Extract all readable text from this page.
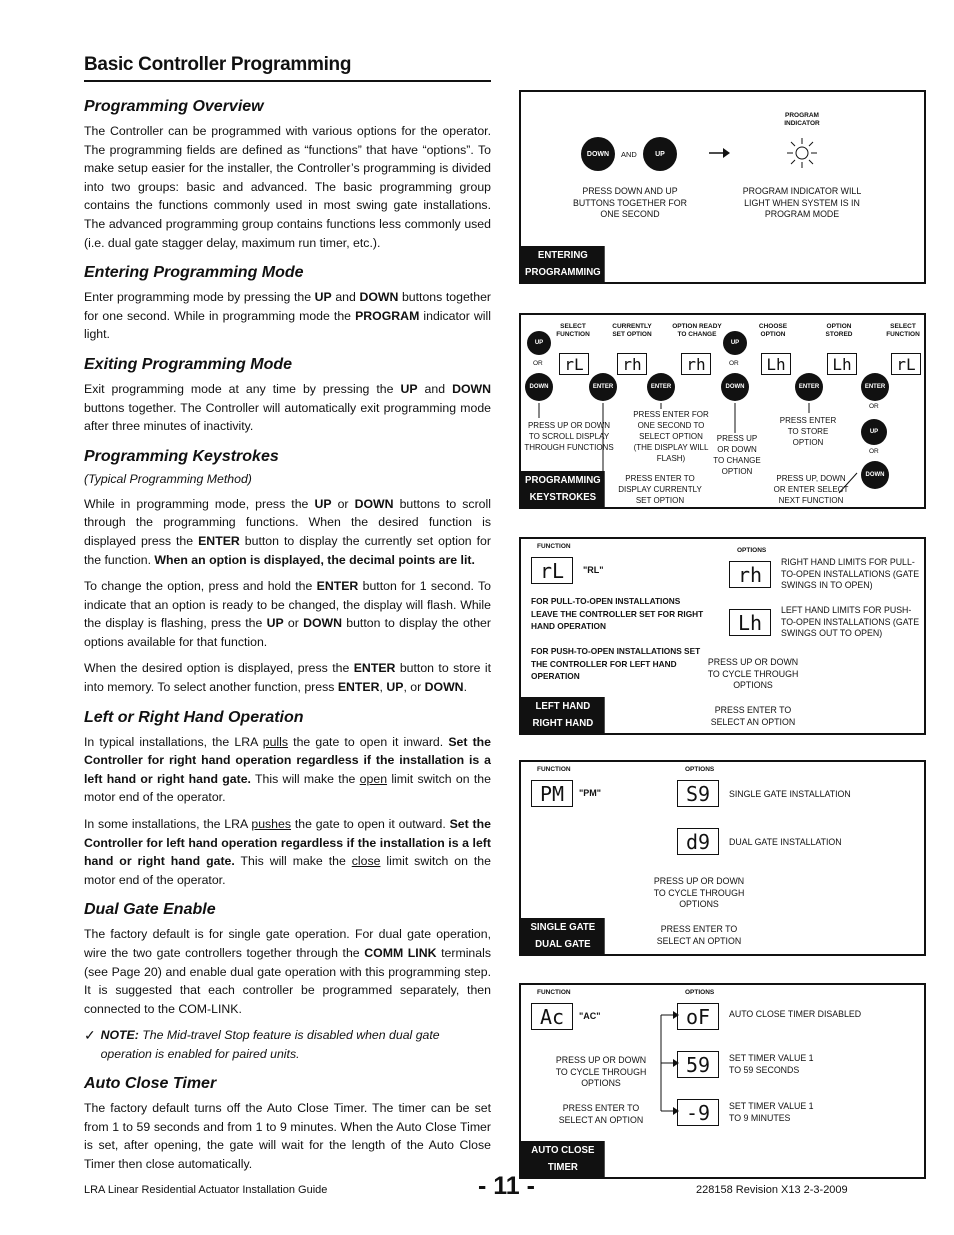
Basic Controller Programming
Programming Overview
The Controller can be programmed with various options for the operator. The programming fields are defined as “functions” that have “options”. To make setup easier for the installer, the Controller’s programming is divided into two groups: basic and advanced. The basic programming group contains the functions commonly used in most swing gate installations. The advanced programming group contains functions less commonly used (i.e. dual gate stagger delay, maximum run timer, etc.).
Entering Programming Mode
Enter programming mode by pressing the UP and DOWN buttons together for one second. While in programming mode the PROGRAM indicator will light.
Exiting Programming Mode
Exit programming mode at any time by pressing the UP and DOWN buttons together. The Controller will automatically exit programming mode after three minutes of inactivity.
Programming Keystrokes
(Typical Programming Method)
While in programming mode, press the UP or DOWN buttons to scroll through the programming functions. When the desired function is displayed press the ENTER button to display the currently set option for the function. When an option is displayed, the decimal points are lit.
To change the option, press and hold the ENTER button for 1 second. To indicate that an option is ready to be changed, the display will flash. While the display is flashing, press the UP or DOWN button to display the other options available for that function.
When the desired option is displayed, press the ENTER button to store it into memory. To select another function, press ENTER, UP, or DOWN.
Left or Right Hand Operation
In typical installations, the LRA pulls the gate to open it inward. Set the Controller for right hand operation regardless if the installation is a left hand or right hand gate. This will make the open limit switch on the motor end of the operator.
In some installations, the LRA pushes the gate to open it outward. Set the Controller for left hand operation regardless if the installation is a left hand or right hand gate. This will make the close limit switch on the motor end of the operator.
Dual Gate Enable
The factory default is for single gate operation. For dual gate operation, wire the two gate controllers together through the COMM LINK terminals (see Page 20) and enable dual gate operation with this programming step. It is suggested that each controller be programmed separately, then connected to the COM-LINK.
✓ NOTE: The Mid-travel Stop feature is disabled when dual gate operation is enabled for paired units.
Auto Close Timer
The factory default turns off the Auto Close Timer. The timer can be set from 1 to 59 seconds and from 1 to 9 minutes. When the Auto Close Timer is set, after opening, the gate will wait for the length of the Auto Close Timer then close automatically.
PROGRAM INDICATOR
DOWN	AND	UP
PRESS DOWN AND UP BUTTONS TOGETHER FOR ONE SECOND
PROGRAM INDICATOR WILL LIGHT WHEN SYSTEM IS IN PROGRAM MODE
ENTERING PROGRAMMING
SELECT FUNCTION
CURRENTLY SET OPTION
OPTION READY TO CHANGE
CHOOSE OPTION
OPTION STORED
SELECT FUNCTION
UP
OR
DOWN
rL
ENTER
rh
ENTER
rh
UP
OR
DOWN
Lh
ENTER
Lh
ENTER
rL
OR
UP
OR
DOWN
PRESS UP OR DOWN TO SCROLL DISPLAY THROUGH FUNCTIONS
PRESS ENTER TO DISPLAY CURRENTLY SET OPTION
PRESS ENTER FOR ONE SECOND TO SELECT OPTION (THE DISPLAY WILL FLASH)
PRESS UP OR DOWN TO CHANGE OPTION
PRESS ENTER TO STORE OPTION
PRESS UP, DOWN OR ENTER SELECT NEXT FUNCTION
PROGRAMMING KEYSTROKES
FUNCTION
OPTIONS
rL	"RL"	rh
RIGHT HAND LIMITS FOR PULL-TO-OPEN INSTALLATIONS (GATE SWINGS IN TO OPEN)
Lh
LEFT HAND LIMITS FOR PUSH-TO-OPEN INSTALLATIONS (GATE SWINGS OUT TO OPEN)
FOR PULL-TO-OPEN INSTALLATIONS LEAVE THE CONTROLLER SET FOR RIGHT HAND OPERATION
FOR PUSH-TO-OPEN INSTALLATIONS SET THE CONTROLLER FOR LEFT HAND OPERATION
PRESS UP OR DOWN TO CYCLE THROUGH OPTIONS
PRESS ENTER TO SELECT AN OPTION
LEFT HAND RIGHT HAND
FUNCTION	OPTIONS
PM	"PM"	S9	SINGLE GATE INSTALLATION
d9	DUAL GATE INSTALLATION
PRESS UP OR DOWN TO CYCLE THROUGH OPTIONS
PRESS ENTER TO SELECT AN OPTION
SINGLE GATE DUAL GATE
FUNCTION	OPTIONS
Ac	"AC"	oF	AUTO CLOSE TIMER DISABLED
59	SET TIMER VALUE 1 TO 59 SECONDS
-9	SET TIMER VALUE 1 TO 9 MINUTES
PRESS UP OR DOWN TO CYCLE THROUGH OPTIONS
PRESS ENTER TO SELECT AN OPTION
AUTO CLOSE TIMER
LRA Linear Residential Actuator Installation Guide	- 11 -	228158 Revision X13 2-3-2009
